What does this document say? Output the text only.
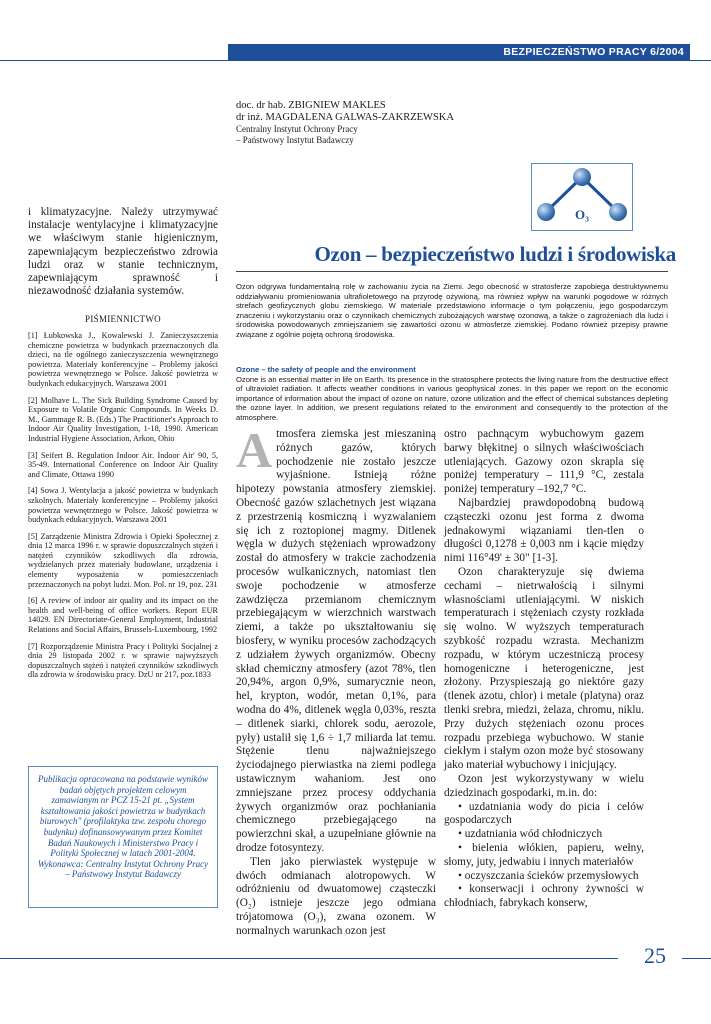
BEZPIECZEŃSTWO PRACY 6/2004
doc. dr hab. ZBIGNIEW MAKLES
dr inż. MAGDALENA GALWAS-ZAKRZEWSKA
Centralny Instytut Ochrony Pracy
– Państwowy Instytut Badawczy
O₃
Ozon – bezpieczeństwo ludzi i środowiska
Ozon odgrywa fundamentalną rolę w zachowaniu życia na Ziemi. Jego obecność w stratosferze zapobiega destruktywnemu oddziaływaniu promieniowania ultrafioletowego na przyrodę ożywioną, ma również wpływ na warunki pogodowe w różnych strefach geofizycznych globu ziemskiego. W materiale przedstawiono informacje o tym połączeniu, jego gospodarczym znaczeniu i wykorzystaniu oraz o czynnikach chemicznych zubożających warstwę ozonową, a także o zagrożeniach dla ludzi i środowiska powodowanych zmniejszaniem się zawartości ozonu w atmosferze ziemskiej. Podano również przepisy prawne związane z ogólnie pojętą ochroną środowiska.
Ozone – the safety of people and the environment
Ozone is an essential matter in life on Earth. Its presence in the stratosphere protects the living nature from the destructive effect of ultraviolet radiation. It affects weather conditions in various geophysical zones. In this paper we report on the economic importance of information about the impact of ozone on nature, ozone utilization and the effect of chemical substances depleting the ozone layer. In addition, we present regulations related to the environment and consequently to the protection of the atmosphere.
i klimatyzacyjne. Należy utrzymywać instalacje wentylacyjne i klimatyzacyjne we właściwym stanie higienicznym, zapewniającym bezpieczeństwo zdrowia ludzi oraz w stanie technicznym, zapewniającym sprawność i niezawodność działania systemów.
PIŚMIENNICTWO

[1] Łubkowska J., Kowalewski J. Zanieczyszczenia chemiczne powietrza w budynkach przeznaczonych dla dzieci, na tle ogólnego zanieczyszczenia wewnętrznego powietrza. Materiały konferencyjne – Problemy jakości powietrza wewnętrznego w Polsce. Jakość powietrza w budynkach edukacyjnych. Warszawa 2001

[2] Molhave L. The Sick Building Syndrome Caused by Exposure to Volatile Organic Compounds. In Weeks D. M., Gammage R. B. (Eds.) The Practitioner's Approach to Indoor Air Quality Investigation, 1-18, 1990. American Industrial Hygiene Association, Arkon, Ohio

[3] Seifert B. Regulation Indoor Air. Indoor Air' 90, 5, 35-49. International Conference on Indoor Air Quality and Climate, Ottawa 1990

[4] Sowa J. Wentylacja a jakość powietrza w budynkach szkolnych. Materiały konferencyjne – Problemy jakości powietrza wewnętrznego w Polsce. Jakość powietrza w budynkach edukacyjnych. Warszawa 2001

[5] Zarządzenie Ministra Zdrowia i Opieki Społecznej z dnia 12 marca 1996 r. w sprawie dopuszczalnych stężeń i natężeń czynników szkodliwych dla zdrowia, wydzielanych przez materiały budowlane, urządzenia i elementy wyposażenia w pomieszczeniach przeznaczonych na pobyt ludzi. Mon. Pol. nr 19, poz. 231

[6] A review of indoor air quality and its impact on the health and well-being of office workers. Report EUR 14029. EN Directoriate-General Employment, Industrial Relations and Social Affairs, Brussels-Luxembourg, 1992

[7] Rozporządzenie Ministra Pracy i Polityki Socjalnej z dnia 29 listopada 2002 r. w sprawie najwyższych dopuszczalnych stężeń i natężeń czynników szkodliwych dla zdrowia w środowisku pracy. DzU nr 217, poz.1833

Publikacja opracowana na podstawie wyników badań objętych projektem celowym zamawianym nr PCZ 15-21 pt. „System kształtowania jakości powietrza w budynkach biurowych" (profilaktyka tzw. zespołu chorego budynku) dofinansowywanym przez Komitet Badań Naukowych i Ministerstwo Pracy i Polityki Społecznej w latach 2001-2004. Wykonawca: Centralny Instytut Ochrony Pracy – Państwowy Instytut Badawczy

Atmosfera ziemska jest mieszaniną różnych gazów, których pochodzenie nie zostało jeszcze wyjaśnione. Istnieją różne hipotezy powstania atmosfery ziemskiej. Obecność gazów szlachetnych jest wiązana z przestrzenią kosmiczną i wyzwalaniem się ich z roztopionej magmy. Ditlenek węgla w dużych stężeniach wprowadzony został do atmosfery w trakcie zachodzenia procesów wulkanicznych, natomiast tlen swoje pochodzenie w atmosferze zawdzięcza przemianom chemicznym przebiegającym w wierzchnich warstwach ziemi, a także po ukształtowaniu się biosfery, w wyniku procesów zachodzących z udziałem żywych organizmów. Obecny skład chemiczny atmosfery (azot 78%, tlen 20,94%, argon 0,9%, sumarycznie neon, hel, krypton, wodór, metan 0,1%, para wodna do 4%, ditlenek węgla 0,03%, reszta – ditlenek siarki, chlorek sodu, aerozole, pyły) ustalił się 1,6 ÷ 1,7 miliarda lat temu. Stężenie tlenu najważniejszego życiodajnego pierwiastka na ziemi podlega ustawicznym wahaniom. Jest ono zmniejszane przez procesy oddychania żywych organizmów oraz pochłaniania chemicznego przebiegającego na powierzchni skał, a uzupełniane głównie na drodze fotosyntezy.

Tlen jako pierwiastek występuje w dwóch odmianach alotropowych. W odróżnieniu od dwuatomowej cząsteczki (O₂) istnieje jeszcze jego odmiana trójatomowa (O₃), zwana ozonem. W normalnych warunkach ozon jest

ostro pachnącym wybuchowym gazem barwy błękitnej o silnych właściwościach utleniających. Gazowy ozon skrapla się poniżej temperatury – 111,9 °C, zestala poniżej temperatury –192,7 °C.

Najbardziej prawdopodobną budową cząsteczki ozonu jest forma z dwoma jednakowymi wiązaniami tlen-tlen o długości 0,1278 ± 0,003 nm i kącie między nimi 116°49' ± 30" [1-3].

Ozon charakteryzuje się dwiema cechami – nietrwałością i silnymi własnościami utleniającymi. W niskich temperaturach i stężeniach czysty rozkłada się wolno. W wyższych temperaturach szybkość rozpadu wzrasta. Mechanizm rozpadu, w którym uczestniczą procesy homogeniczne i heterogeniczne, jest złożony. Przyspieszają go niektóre gazy (tlenek azotu, chlor) i metale (platyna) oraz tlenki srebra, miedzi, żelaza, chromu, niklu. Przy dużych stężeniach ozonu proces rozpadu przebiega wybuchowo. W stanie ciekłym i stałym ozon może być stosowany jako materiał wybuchowy i inicjujący.

Ozon jest wykorzystywany w wielu dziedzinach gospodarki, m.in. do:

• uzdatniania wody do picia i celów gospodarczych

• uzdatniania wód chłodniczych

• bielenia włókien, papieru, wełny, słomy, juty, jedwabiu i innych materiałów

• oczyszczania ścieków przemysłowych

• konserwacji i ochrony żywności w chłodniach, fabrykach konserw,

25
